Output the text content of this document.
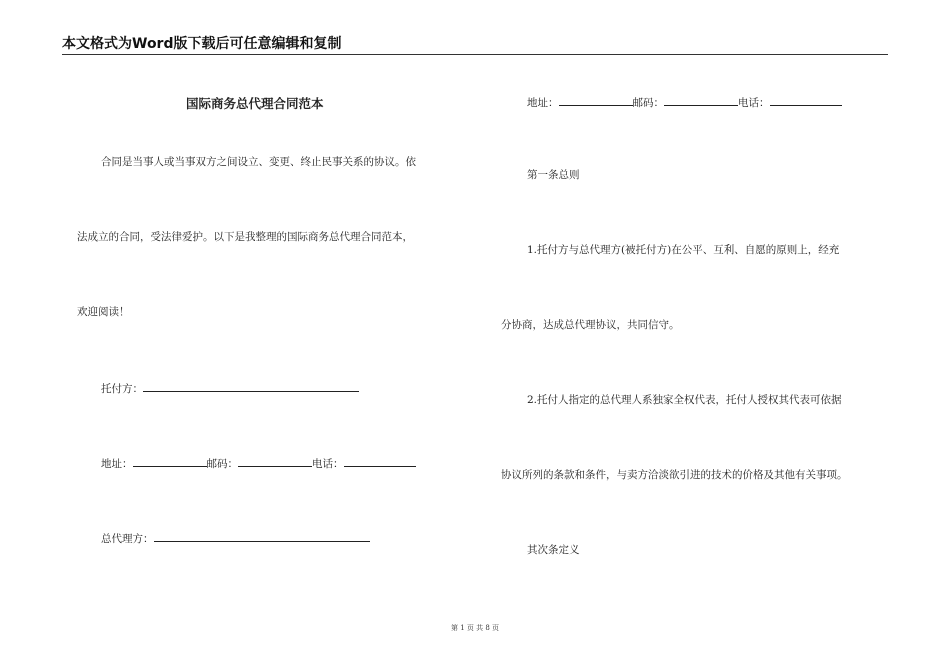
本文格式为Word版下载后可任意编辑和复制
国际商务总代理合同范本
合同是当事人或当事双方之间设立、变更、终止民事关系的协议。依
法成立的合同，受法律爱护。以下是我整理的国际商务总代理合同范本，
欢迎阅读！
托付方：
地址：	邮码：	电话：
总代理方：
地址：	邮码：	电话：
第一条总则
1.托付方与总代理方(被托付方)在公平、互利、自愿的原则上，经充
分协商，达成总代理协议，共同信守。
2.托付人指定的总代理人系独家全权代表，托付人授权其代表可依据
协议所列的条款和条件，与卖方洽淡欲引进的技术的价格及其他有关事项。
其次条定义
第 1 页 共 8 页
